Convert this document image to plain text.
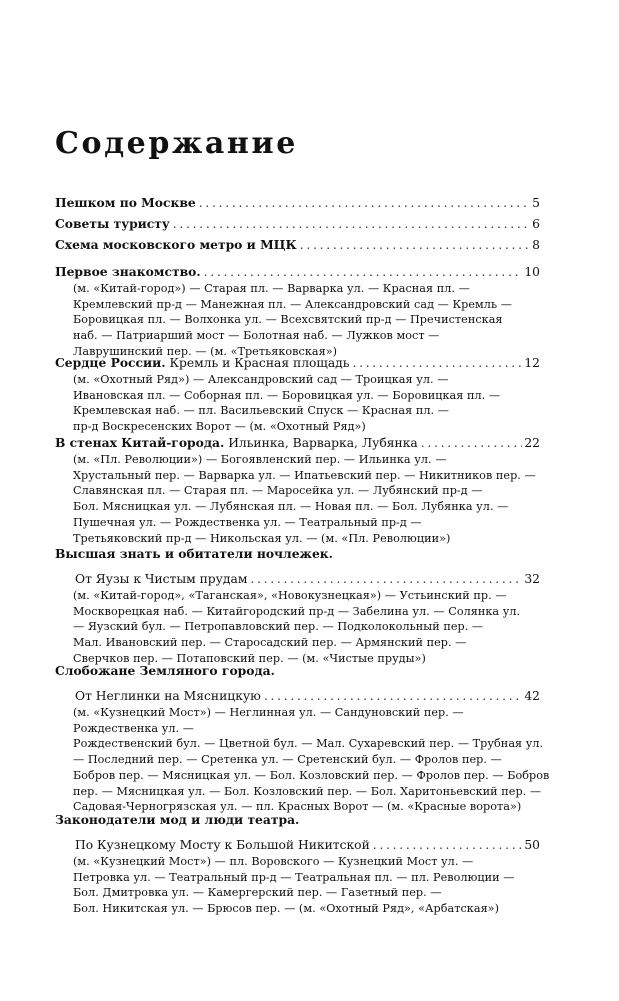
Содержание
Пешком по Москве . . .	5
Советы туристу . . .	6
Схема московского метро и МЦК . . .	8
Первое знакомство. . . .	10
(м. «Китай-город») — Старая пл. — Варварка ул. — Красная пл. —
Кремлевский пр-д — Манежная пл. — Александровский сад — Кремль —
Боровицкая пл. — Волхонка ул. — Всехсвятский пр-д — Пречистенская
наб. — Патриарший мост — Болотная наб. — Лужков мост —
Лаврушинский пер. — (м. «Третьяковская»)
Сердце России. Кремль и Красная площадь . . .	12
(м. «Охотный Ряд») — Александровский сад — Троицкая ул. —
Ивановская пл. — Соборная пл. — Боровицкая ул. — Боровицкая пл. —
Кремлевская наб. — пл. Васильевский Спуск — Красная пл. —
пр-д Воскресенских Ворот — (м. «Охотный Ряд»)
В стенах Китай-города. Ильинка, Варварка, Лубянка . . .	22
(м. «Пл. Революции») — Богоявленский пер. — Ильинка ул. —
Хрустальный пер. — Варварка ул. — Ипатьевский пер. — Никитников пер. —
Славянская пл. — Старая пл. — Маросейка ул. — Лубянский пр-д —
Бол. Мясницкая ул. — Лубянская пл. — Новая пл. — Бол. Лубянка ул. —
Пушечная ул. — Рождественка ул. — Театральный пр-д —
Третьяковский пр-д — Никольская ул. — (м. «Пл. Революции»)
Высшая знать и обитатели ночлежек.
От Яузы к Чистым прудам . . .	32
(м. «Китай-город», «Таганская», «Новокузнецкая») — Устьинский пр. —
Москворецкая наб. — Китайгородский пр-д — Забелина ул. — Солянка ул.
— Яузский бул. — Петропавловский пер. — Подколокольный пер. —
Мал. Ивановский пер. — Старосадский пер. — Армянский пер. —
Сверчков пер. — Потаповский пер. — (м. «Чистые пруды»)
Слобожане Земляного города.
От Неглинки на Мясницкую . . .	42
(м. «Кузнецкий Мост») — Неглинная ул. — Сандуновский пер. —
Рождественка ул. —
Рождественский бул. — Цветной бул. — Мал. Сухаревский пер. — Трубная ул.
— Последний пер. — Сретенка ул. — Сретенский бул. — Фролов пер. —
Бобров пер. — Мясницкая ул. — Бол. Козловский пер. — Фролов пер. — Бобров
пер. — Мясницкая ул. — Бол. Козловский пер. — Бол. Харитоньевский пер. —
Садовая-Черногрязская ул. — пл. Красных Ворот — (м. «Красные ворота»)
Законодатели мод и люди театра.
По Кузнецкому Мосту к Большой Никитской . . .	50
(м. «Кузнецкий Мост») — пл. Воровского — Кузнецкий Мост ул. —
Петровка ул. — Театральный пр-д — Театральная пл. — пл. Революции —
Бол. Дмитровка ул. — Камергерский пер. — Газетный пер. —
Бол. Никитская ул. — Брюсов пер. — (м. «Охотный Ряд», «Арбатская»)
